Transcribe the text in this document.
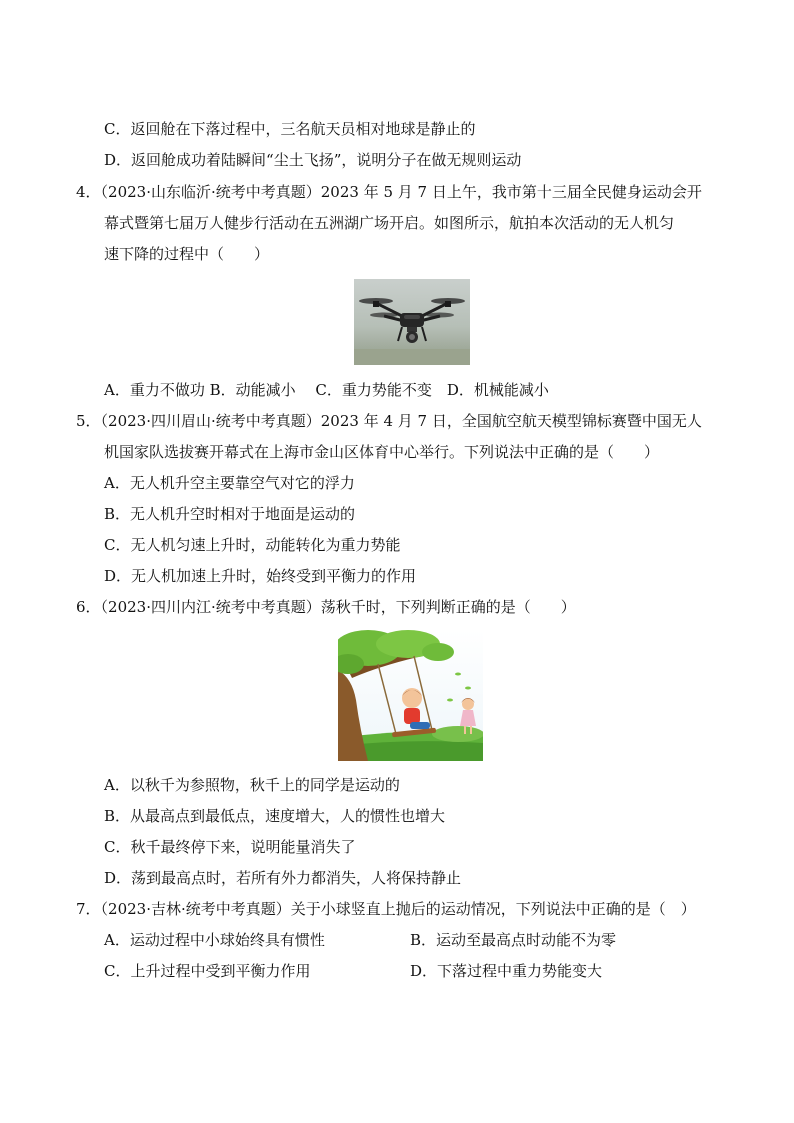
C．返回舱在下落过程中，三名航天员相对地球是静止的
D．返回舱成功着陆瞬间“尘土飞扬”，说明分子在做无规则运动
4．（2023·山东临沂·统考中考真题）2023 年 5 月 7 日上午，我市第十三届全民健身运动会开
幕式暨第七届万人健步行活动在五洲湖广场开启。如图所示，航拍本次活动的无人机匀
速下降的过程中（　　）
A．重力不做功 B．动能减小　 C．重力势能不变　D．机械能减小
5．（2023·四川眉山·统考中考真题）2023 年 4 月 7 日，全国航空航天模型锦标赛暨中国无人
机国家队选拔赛开幕式在上海市金山区体育中心举行。下列说法中正确的是（　　）
A．无人机升空主要靠空气对它的浮力
B．无人机升空时相对于地面是运动的
C．无人机匀速上升时，动能转化为重力势能
D．无人机加速上升时，始终受到平衡力的作用
6．（2023·四川内江·统考中考真题）荡秋千时，下列判断正确的是（　　）
A．以秋千为参照物，秋千上的同学是运动的
B．从最高点到最低点，速度增大，人的惯性也增大
C．秋千最终停下来，说明能量消失了
D．荡到最高点时，若所有外力都消失，人将保持静止
7．（2023·吉林·统考中考真题）关于小球竖直上抛后的运动情况，下列说法中正确的是（　）
A．运动过程中小球始终具有惯性	B．运动至最高点时动能不为零
C．上升过程中受到平衡力作用	D．下落过程中重力势能变大
